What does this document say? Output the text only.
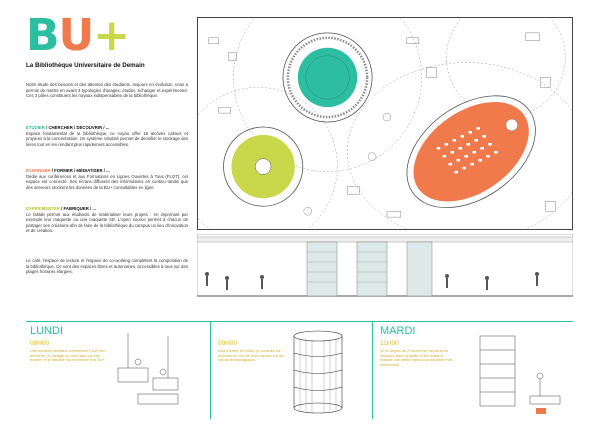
BU+
La Bibliothèque Universitaire de Demain
Notre étude des besoins et des attentes des étudiants, toujours en évolution, nous a permis de mettre en avant 3 typologies d'usages: étudier, échanger et expérimenter. Ces 3 pôles constituent les noyaux indispensables de la bibliothèque.
ÉTUDIER / CHERCHER / DÉCOUVRIR / ...
Espace fondamental de la bibliothèque, ce noyau offre 15 alcôves calmes et propices à la concentration. Un système robotisé permet de densifier le stockage des livres tout en les rendant plus rapidement accessibles.
ÉCHANGER / FORMER / MÉDIATISER / ...
Dédié aux conférences et aux Formations en Lignes Ouvertes à Tous (FLOT), cet espace est connecté. Ses écrans diffusent des informations en continu tandis que des serveurs stockent les données de la BU+ consultables en ligne.
EXPÉRIMENTER / FABRIQUER / ...
Le fablab permet aux étudiants de matérialiser leurs projets : en imprimant par exemple leur maquette ou une maquette 3D. L'open source permet à chacun de partager ses créations afin de faire de la bibliothèque du campus un lieu d'innovation et de création.
Le café, l'espace de lecture et l'espace de co-working complètent la composition de la bibliothèque. Ce sont des espaces libres et autonomes, accessibles à tous sur des plages horaires élargies.
LUNDI
08H00
Une nouvelle semaine commence! Pour bien démarrer, je partage un café dans un coin lecture, et je travaille ma recherche à la BU+
09H00
Avant d'aller en cours, je consulte les archives en vue de mon exposé sur les robots technologiques.
MARDI
11H00
Je lis depuis de 2 heures de carnet et de relecture dans le jardin et j'ai réussi à réaliser une petite vidéo pour travailler mes recherches.
